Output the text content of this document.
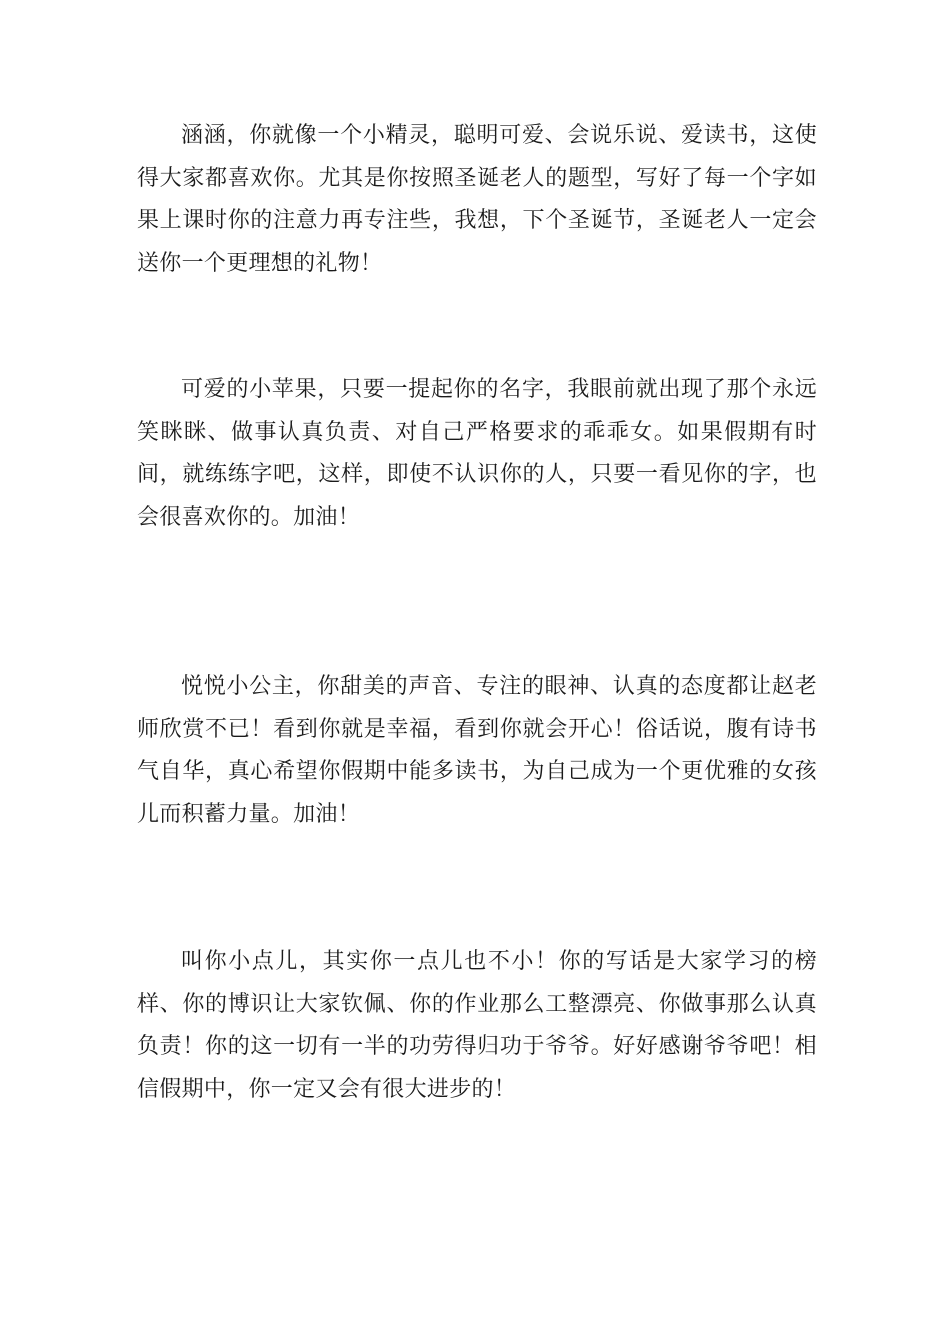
涵涵，你就像一个小精灵，聪明可爱、会说乐说、爱读书，这使得大家都喜欢你。尤其是你按照圣诞老人的题型，写好了每一个字如果上课时你的注意力再专注些，我想，下个圣诞节，圣诞老人一定会送你一个更理想的礼物！

可爱的小苹果，只要一提起你的名字，我眼前就出现了那个永远笑眯眯、做事认真负责、对自己严格要求的乖乖女。如果假期有时间，就练练字吧，这样，即使不认识你的人，只要一看见你的字，也会很喜欢你的。加油！

悦悦小公主，你甜美的声音、专注的眼神、认真的态度都让赵老师欣赏不已！看到你就是幸福，看到你就会开心！俗话说，腹有诗书气自华，真心希望你假期中能多读书，为自己成为一个更优雅的女孩儿而积蓄力量。加油！

叫你小点儿，其实你一点儿也不小！你的写话是大家学习的榜样、你的博识让大家钦佩、你的作业那么工整漂亮、你做事那么认真负责！你的这一切有一半的功劳得归功于爷爷。好好感谢爷爷吧！相信假期中，你一定又会有很大进步的！
